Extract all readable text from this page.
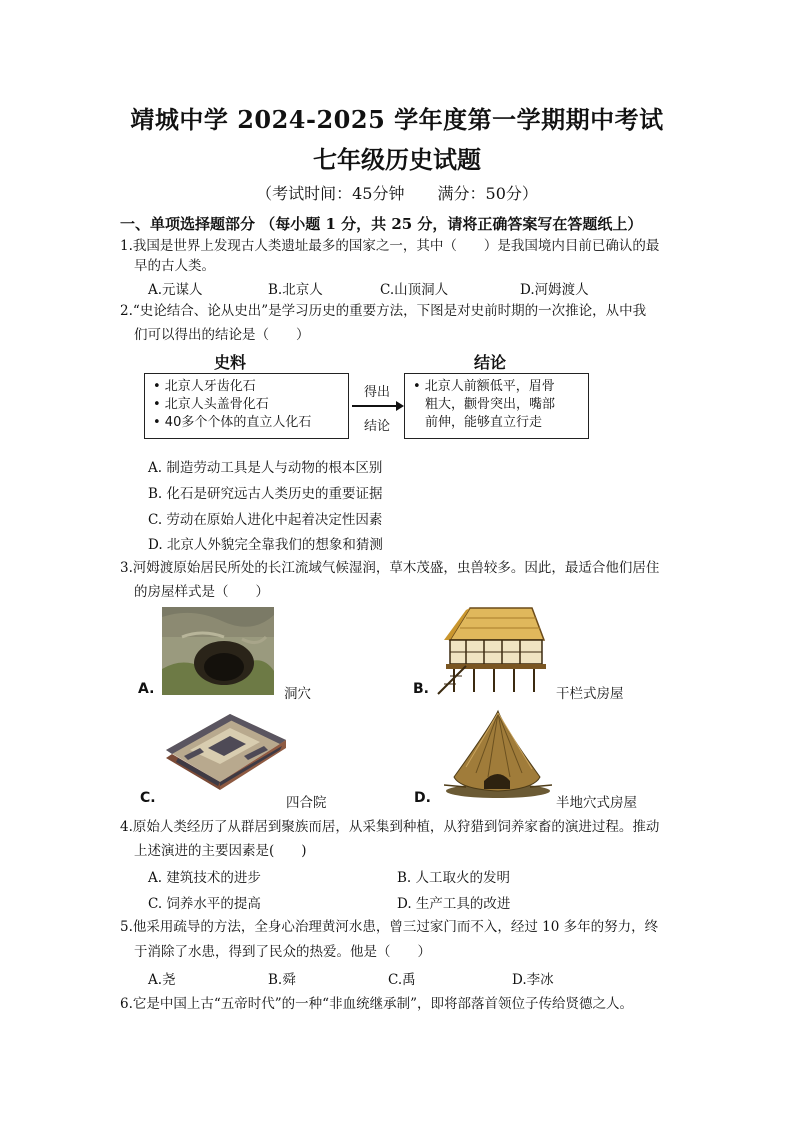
靖城中学 2024-2025 学年度第一学期期中考试
七年级历史试题
（考试时间：45分钟 满分：50分）
一、单项选择题部分 （每小题 1 分，共 25 分，请将正确答案写在答题纸上）
1.我国是世界上发现古人类遗址最多的国家之一，其中（　　）是我国境内目前已确认的最
早的古人类。
A.元谋人	B.北京人	C.山顶洞人	D.河姆渡人
2.“史论结合、论从史出”是学习历史的重要方法，下图是对史前时期的一次推论，从中我
们可以得出的结论是（　　）
史料	结论
• 北京人牙齿化石
• 北京人头盖骨化石
• 40多个个体的直立人化石
得出
结论
• 北京人前额低平，眉骨
粗大，颧骨突出，嘴部
前伸，能够直立行走
A. 制造劳动工具是人与动物的根本区别
B. 化石是研究远古人类历史的重要证据
C. 劳动在原始人进化中起着决定性因素
D. 北京人外貌完全靠我们的想象和猜测
3.河姆渡原始居民所处的长江流域气候湿润，草木茂盛，虫兽较多。因此，最适合他们居住
的房屋样式是（　　）
A.	洞穴	B.	干栏式房屋
C.	四合院	D.	半地穴式房屋
4.原始人类经历了从群居到聚族而居，从采集到种植，从狩猎到饲养家畜的演进过程。推动
上述演进的主要因素是(　　)
A. 建筑技术的进步	B. 人工取火的发明
C. 饲养水平的提高	D. 生产工具的改进
5.他采用疏导的方法，全身心治理黄河水患，曾三过家门而不入，经过 10 多年的努力，终
于消除了水患，得到了民众的热爱。他是（　　）
A.尧	B.舜	C.禹	D.李冰
6.它是中国上古“五帝时代”的一种“非血统继承制”，即将部落首领位子传给贤德之人。
